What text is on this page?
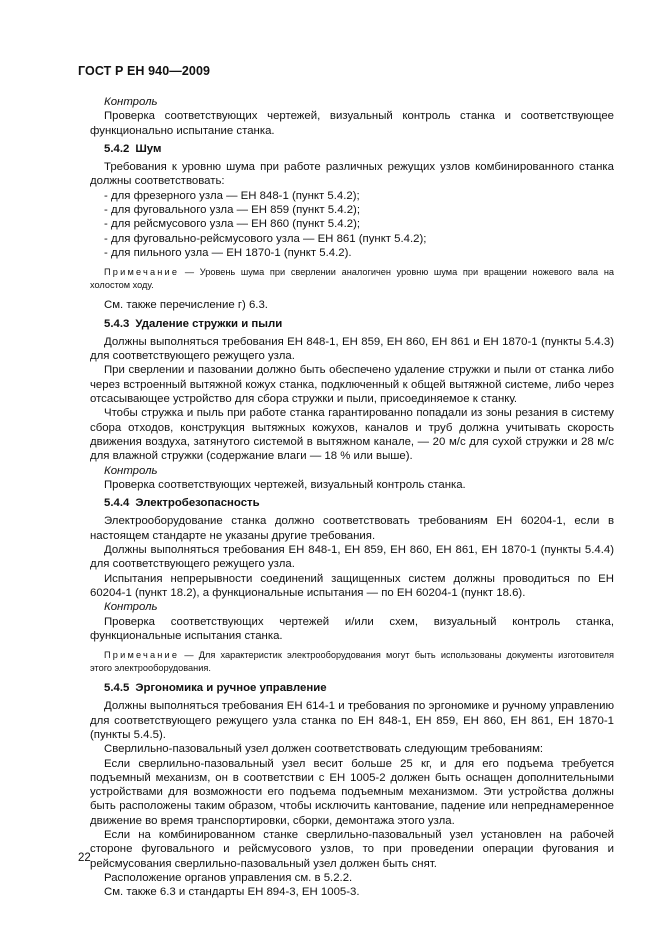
ГОСТ Р ЕН 940—2009

Контроль

Проверка соответствующих чертежей, визуальный контроль станка и соответствующее функционально испытание станка.

5.4.2 Шум

Требования к уровню шума при работе различных режущих узлов комбинированного станка должны соответствовать:

- для фрезерного узла — ЕН 848-1 (пункт 5.4.2);

- для фуговального узла — ЕН 859 (пункт 5.4.2);

- для рейсмусового узла — ЕН 860 (пункт 5.4.2);

- для фуговально-рейсмусового узла — ЕН 861 (пункт 5.4.2);

- для пильного узла — ЕН 1870-1 (пункт 5.4.2).

Примечание — Уровень шума при сверлении аналогичен уровню шума при вращении ножевого вала на холостом ходу.

См. также перечисление г) 6.3.

5.4.3 Удаление стружки и пыли

Должны выполняться требования ЕН 848-1, ЕН 859, ЕН 860, ЕН 861 и ЕН 1870-1 (пункты 5.4.3) для соответствующего режущего узла.

При сверлении и пазовании должно быть обеспечено удаление стружки и пыли от станка либо через встроенный вытяжной кожух станка, подключенный к общей вытяжной системе, либо через отсасывающее устройство для сбора стружки и пыли, присоединяемое к станку.

Чтобы стружка и пыль при работе станка гарантированно попадали из зоны резания в систему сбора отходов, конструкция вытяжных кожухов, каналов и труб должна учитывать скорость движения воздуха, затянутого системой в вытяжном канале, — 20 м/с для сухой стружки и 28 м/с для влажной стружки (содержание влаги — 18 % или выше).

Контроль

Проверка соответствующих чертежей, визуальный контроль станка.

5.4.4 Электробезопасность

Электрооборудование станка должно соответствовать требованиям ЕН 60204-1, если в настоящем стандарте не указаны другие требования.

Должны выполняться требования ЕН 848-1, ЕН 859, ЕН 860, ЕН 861, ЕН 1870-1 (пункты 5.4.4) для соответствующего режущего узла.

Испытания непрерывности соединений защищенных систем должны проводиться по ЕН 60204-1 (пункт 18.2), а функциональные испытания — по ЕН 60204-1 (пункт 18.6).

Контроль

Проверка соответствующих чертежей и/или схем, визуальный контроль станка, функциональные испытания станка.

Примечание — Для характеристик электрооборудования могут быть использованы документы изготовителя этого электрооборудования.

5.4.5 Эргономика и ручное управление

Должны выполняться требования ЕН 614-1 и требования по эргономике и ручному управлению для соответствующего режущего узла станка по ЕН 848-1, ЕН 859, ЕН 860, ЕН 861, ЕН 1870-1 (пункты 5.4.5).

Сверлильно-пазовальный узел должен соответствовать следующим требованиям:

Если сверлильно-пазовальный узел весит больше 25 кг, и для его подъема требуется подъемный механизм, он в соответствии с ЕН 1005-2 должен быть оснащен дополнительными устройствами для возможности его подъема подъемным механизмом. Эти устройства должны быть расположены таким образом, чтобы исключить кантование, падение или непреднамеренное движение во время транспортировки, сборки, демонтажа этого узла.

Если на комбинированном станке сверлильно-пазовальный узел установлен на рабочей стороне фуговального и рейсмусового узлов, то при проведении операции фугования и рейсмусования сверлильно-пазовальный узел должен быть снят.

Расположение органов управления см. в 5.2.2.

См. также 6.3 и стандарты ЕН 894-3, ЕН 1005-3.

22
